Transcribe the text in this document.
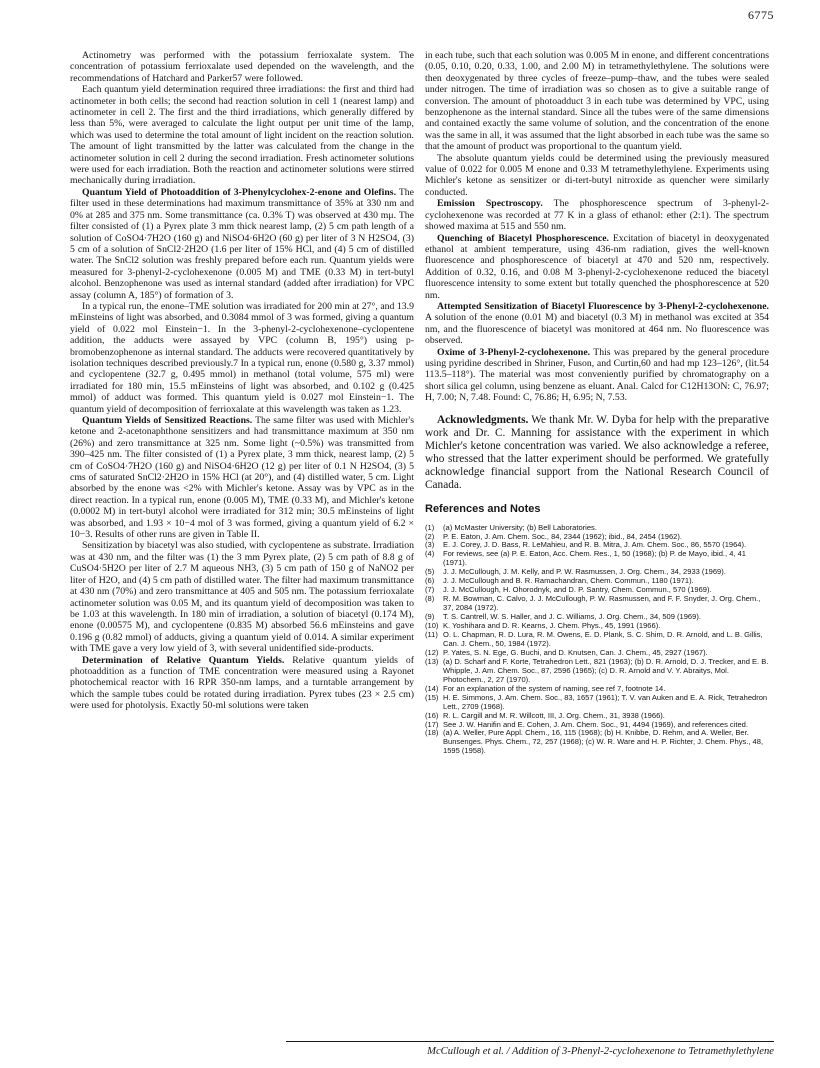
6775

Actinometry was performed with the potassium ferrioxalate system. The concentration of potassium ferrioxalate used depended on the wavelength, and the recommendations of Hatchard and Parker57 were followed.

Each quantum yield determination required three irradiations: the first and third had actinometer in both cells; the second had reaction solution in cell 1 (nearest lamp) and actinometer in cell 2. The first and the third irradiations, which generally differed by less than 5%, were averaged to calculate the light output per unit time of the lamp, which was used to determine the total amount of light incident on the reaction solution. The amount of light transmitted by the latter was calculated from the change in the actinometer solution in cell 2 during the second irradiation. Fresh actinometer solutions were used for each irradiation. Both the reaction and actinometer solutions were stirred mechanically during irradiation.

Quantum Yield of Photoaddition of 3-Phenylcyclohex-2-enone and Olefins. The filter used in these determinations had maximum transmittance of 35% at 330 nm and 0% at 285 and 375 nm. Some transmittance (ca. 0.3% T) was observed at 430 mμ. The filter consisted of (1) a Pyrex plate 3 mm thick nearest lamp, (2) 5 cm path length of a solution of CoSO4·7H2O (160 g) and NiSO4·6H2O (60 g) per liter of 3 N H2SO4, (3) 5 cm of a solution of SnCl2·2H2O (1.6 per liter of 15% HCl, and (4) 5 cm of distilled water. The SnCl2 solution was freshly prepared before each run. Quantum yields were measured for 3-phenyl-2-cyclohexenone (0.005 M) and TME (0.33 M) in tert-butyl alcohol. Benzophenone was used as internal standard (added after irradiation) for VPC assay (column A, 185°) of formation of 3.

In a typical run, the enone–TME solution was irradiated for 200 min at 27°, and 13.9 mEinsteins of light was absorbed, and 0.3084 mmol of 3 was formed, giving a quantum yield of 0.022 mol Einstein−1. In the 3-phenyl-2-cyclohexenone–cyclopentene addition, the adducts were assayed by VPC (column B, 195°) using p-bromobenzophenone as internal standard. The adducts were recovered quantitatively by isolation techniques described previously.7 In a typical run, enone (0.580 g, 3.37 mmol) and cyclopentene (32.7 g, 0.495 mmol) in methanol (total volume, 575 ml) were irradiated for 180 min, 15.5 mEinsteins of light was absorbed, and 0.102 g (0.425 mmol) of adduct was formed. This quantum yield is 0.027 mol Einstein−1. The quantum yield of decomposition of ferrioxalate at this wavelength was taken as 1.23.

Quantum Yields of Sensitized Reactions. The same filter was used with Michler's ketone and 2-acetonaphthone sensitizers and had transmittance maximum at 350 nm (26%) and zero transmittance at 325 nm. Some light (~0.5%) was transmitted from 390–425 nm. The filter consisted of (1) a Pyrex plate, 3 mm thick, nearest lamp, (2) 5 cm of CoSO4·7H2O (160 g) and NiSO4·6H2O (12 g) per liter of 0.1 N H2SO4, (3) 5 cms of saturated SnCl2·2H2O in 15% HCl (at 20°), and (4) distilled water, 5 cm. Light absorbed by the enone was <2% with Michler's ketone. Assay was by VPC as in the direct reaction. In a typical run, enone (0.005 M), TME (0.33 M), and Michler's ketone (0.0002 M) in tert-butyl alcohol were irradiated for 312 min; 30.5 mEinsteins of light was absorbed, and 1.93 × 10−4 mol of 3 was formed, giving a quantum yield of 6.2 × 10−3. Results of other runs are given in Table II.

Sensitization by biacetyl was also studied, with cyclopentene as substrate. Irradiation was at 430 nm, and the filter was (1) the 3 mm Pyrex plate, (2) 5 cm path of 8.8 g of CuSO4·5H2O per liter of 2.7 M aqueous NH3, (3) 5 cm path of 150 g of NaNO2 per liter of H2O, and (4) 5 cm path of distilled water. The filter had maximum transmittance at 430 nm (70%) and zero transmittance at 405 and 505 nm. The potassium ferrioxalate actinometer solution was 0.05 M, and its quantum yield of decomposition was taken to be 1.03 at this wavelength. In 180 min of irradiation, a solution of biacetyl (0.174 M), enone (0.00575 M), and cyclopentene (0.835 M) absorbed 56.6 mEinsteins and gave 0.196 g (0.82 mmol) of adducts, giving a quantum yield of 0.014. A similar experiment with TME gave a very low yield of 3, with several unidentified side-products.

Determination of Relative Quantum Yields. Relative quantum yields of photoaddition as a function of TME concentration were measured using a Rayonet photochemical reactor with 16 RPR 350-nm lamps, and a turntable arrangement by which the sample tubes could be rotated during irradiation. Pyrex tubes (23 × 2.5 cm) were used for photolysis. Exactly 50-ml solutions were taken

in each tube, such that each solution was 0.005 M in enone, and different concentrations (0.05, 0.10, 0.20, 0.33, 1.00, and 2.00 M) in tetramethylethylene. The solutions were then deoxygenated by three cycles of freeze–pump–thaw, and the tubes were sealed under nitrogen. The time of irradiation was so chosen as to give a suitable range of conversion. The amount of photoadduct 3 in each tube was determined by VPC, using benzophenone as the internal standard. Since all the tubes were of the same dimensions and contained exactly the same volume of solution, and the concentration of the enone was the same in all, it was assumed that the light absorbed in each tube was the same so that the amount of product was proportional to the quantum yield.

The absolute quantum yields could be determined using the previously measured value of 0.022 for 0.005 M enone and 0.33 M tetramethylethylene. Experiments using Michler's ketone as sensitizer or di-tert-butyl nitroxide as quencher were similarly conducted.

Emission Spectroscopy. The phosphorescence spectrum of 3-phenyl-2-cyclohexenone was recorded at 77 K in a glass of ethanol: ether (2:1). The spectrum showed maxima at 515 and 550 nm.

Quenching of Biacetyl Phosphorescence. Excitation of biacetyl in deoxygenated ethanol at ambient temperature, using 436-nm radiation, gives the well-known fluorescence and phosphorescence of biacetyl at 470 and 520 nm, respectively. Addition of 0.32, 0.16, and 0.08 M 3-phenyl-2-cyclohexenone reduced the biacetyl fluorescence intensity to some extent but totally quenched the phosphorescence at 520 nm.

Attempted Sensitization of Biacetyl Fluorescence by 3-Phenyl-2-cyclohexenone. A solution of the enone (0.01 M) and biacetyl (0.3 M) in methanol was excited at 354 nm, and the fluorescence of biacetyl was monitored at 464 nm. No fluorescence was observed.

Oxime of 3-Phenyl-2-cyclohexenone. This was prepared by the general procedure using pyridine described in Shriner, Fuson, and Curtin,60 and had mp 123–126°, (lit.54 113.5–118°). The material was most conveniently purified by chromatography on a short silica gel column, using benzene as eluant. Anal. Calcd for C12H13ON: C, 76.97; H, 7.00; N, 7.48. Found: C, 76.86; H, 6.95; N, 7.53.

Acknowledgments. We thank Mr. W. Dyba for help with the preparative work and Dr. C. Manning for assistance with the experiment in which Michler's ketone concentration was varied. We also acknowledge a referee, who stressed that the latter experiment should be performed. We gratefully acknowledge financial support from the National Research Council of Canada.

References and Notes
(1)	(a) McMaster University; (b) Bell Laboratories.
(2)	P. E. Eaton, J. Am. Chem. Soc., 84, 2344 (1962); ibid., 84, 2454 (1962).
(3)	E. J. Corey, J. D. Bass, R. LeMahieu, and R. B. Mitra, J. Am. Chem. Soc., 86, 5570 (1964).
(4)	For reviews, see (a) P. E. Eaton, Acc. Chem. Res., 1, 50 (1968); (b) P. de Mayo, ibid., 4, 41 (1971).
(5)	J. J. McCullough, J. M. Kelly, and P. W. Rasmussen, J. Org. Chem., 34, 2933 (1969).
(6)	J. J. McCullough and B. R. Ramachandran, Chem. Commun., 1180 (1971).
(7)	J. J. McCullough, H. Ohorodnyk, and D. P. Santry, Chem. Commun., 570 (1969).
(8)	R. M. Bowman, C. Calvo, J. J. McCullough, P. W. Rasmussen, and F. F. Snyder, J. Org. Chem., 37, 2084 (1972).
(9)	T. S. Cantrell, W. S. Haller, and J. C. Williams, J. Org. Chem., 34, 509 (1969).
(10) K. Yoshihara and D. R. Kearns, J. Chem. Phys., 45, 1991 (1966).
(11) O. L. Chapman, R. D. Lura, R. M. Owens, E. D. Plank, S. C. Shim, D. R. Arnold, and L. B. Gillis, Can. J. Chem., 50, 1984 (1972).
(12) P. Yates, S. N. Ege, G. Buchi, and D. Knutsen, Can. J. Chem., 45, 2927 (1967).
(13) (a) D. Scharf and F. Korte, Tetrahedron Lett., 821 (1963); (b) D. R. Arnold, D. J. Trecker, and E. B. Whipple, J. Am. Chem. Soc., 87, 2596 (1965); (c) D. R. Arnold and V. Y. Abraitys, Mol. Photochem., 2, 27 (1970).
(14) For an explanation of the system of naming, see ref 7, footnote 14.
(15) H. E. Simmons, J. Am. Chem. Soc., 83, 1657 (1961); T. V. van Auken and E. A. Rick, Tetrahedron Lett., 2709 (1968).
(16) R. L. Cargill and M. R. Willcott, III, J. Org. Chem., 31, 3938 (1966).
(17) See J. W. Hanifin and E. Cohen, J. Am. Chem. Soc., 91, 4494 (1969), and references cited.
(18) (a) A. Weller, Pure Appl. Chem., 16, 115 (1968); (b) H. Knibbe, D. Rehm, and A. Weller, Ber. Bunsenges. Phys. Chem., 72, 257 (1968); (c) W. R. Ware and H. P. Richter, J. Chem. Phys., 48, 1595 (1958).
McCullough et al. / Addition of 3-Phenyl-2-cyclohexenone to Tetramethylethylene
